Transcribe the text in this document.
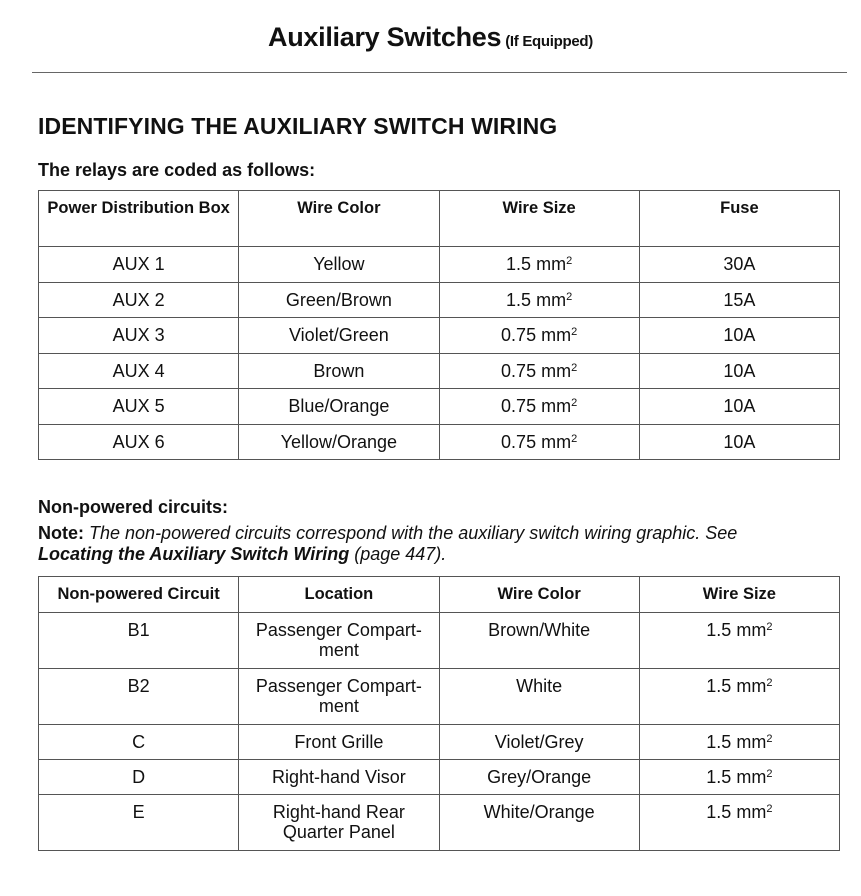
Auxiliary Switches (If Equipped)
IDENTIFYING THE AUXILIARY SWITCH WIRING
The relays are coded as follows:
Power Distribution Box	Wire Color	Wire Size	Fuse
AUX 1	Yellow	1.5 $mm^2$	30A
AUX 2	Green/Brown	1.5 $mm^2$	15A
AUX 3	Violet/Green	0.75 $mm^2$	10A
AUX 4	Brown	0.75 $mm^2$	10A
AUX 5	Blue/Orange	0.75 $mm^2$	10A
AUX 6	Yellow/Orange	0.75 $mm^2$	10A
Non-powered circuits:
Note: The non-powered circuits correspond with the auxiliary switch wiring graphic. See
Locating the Auxiliary Switch Wiring (page 447).
Non-powered Circuit	Location	Wire Color	Wire Size
B1	Passenger Compart-
ment	Brown/White	1.5 $mm^2$
B2	Passenger Compart-
ment	White	1.5 $mm^2$
C	Front Grille	Violet/Grey	1.5 $mm^2$
D	Right-hand Visor	Grey/Orange	1.5 $mm^2$
E	Right-hand Rear
Quarter Panel	White/Orange	1.5 $mm^2$
